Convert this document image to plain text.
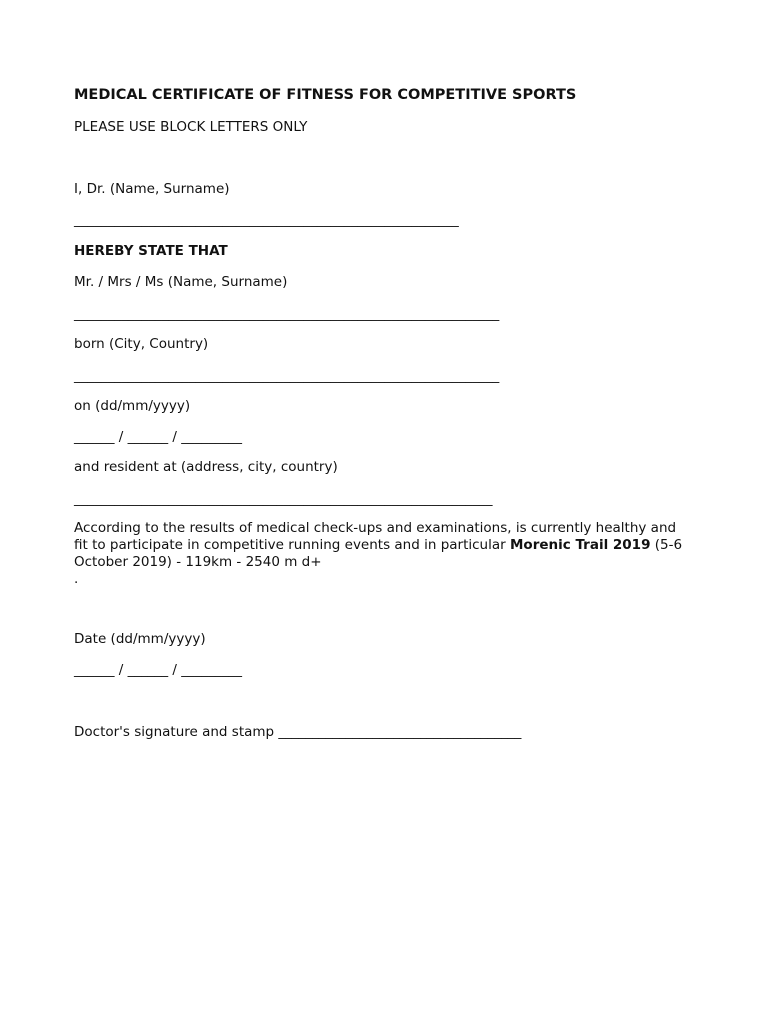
MEDICAL CERTIFICATE OF FITNESS FOR COMPETITIVE SPORTS
PLEASE USE BLOCK LETTERS ONLY
I, Dr. (Name, Surname)
_________________________________________________________
HEREBY STATE THAT
Mr. / Mrs / Ms (Name, Surname)
_______________________________________________________________
born (City, Country)
_______________________________________________________________
on (dd/mm/yyyy)
______ / ______ / _________
and resident at (address, city, country)
______________________________________________________________
According to the results of medical check-ups and examinations, is currently healthy and fit to participate in competitive running events and in particular Morenic Trail 2019 (5-6 October 2019) - 119km - 2540 m d+
.
Date (dd/mm/yyyy)
______ / ______ / _________
Doctor's signature and stamp ____________________________________
